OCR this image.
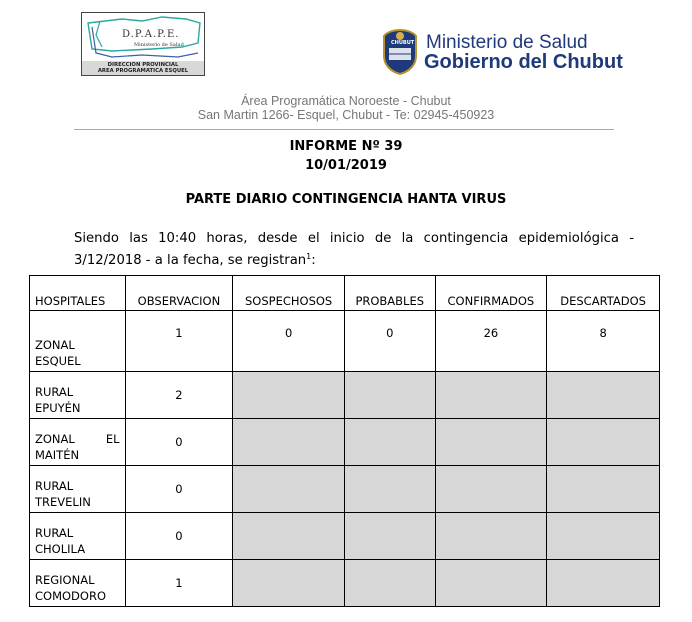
D.P.A.P.E.
Ministerio de Salud
DIRECCION PROVINCIAL
AREA PROGRAMATICA ESQUEL
CHUBUT Ministerio de Salud
Gobierno del Chubut
Área Programática Noroeste - Chubut
San Martin 1266- Esquel, Chubut - Te: 02945-450923
INFORME Nº 39
10/01/2019
PARTE DIARIO CONTINGENCIA HANTA VIRUS
Siendo las 10:40 horas, desde el inicio de la contingencia epidemiológica -
3/12/2018 - a la fecha, se registran$^1$:
HOSPITALES	OBSERVACION	SOSPECHOSOS	PROBABLES	CONFIRMADOS	DESCARTADOS

ZONAL
ESQUEL	1	0	0	26	8

RURAL
EPUYÉN	2				

ZONAL EL
MAITÉN	0				

RURAL
TREVELIN	0				

RURAL
CHOLILA	0				

REGIONAL
COMODORO	1				
